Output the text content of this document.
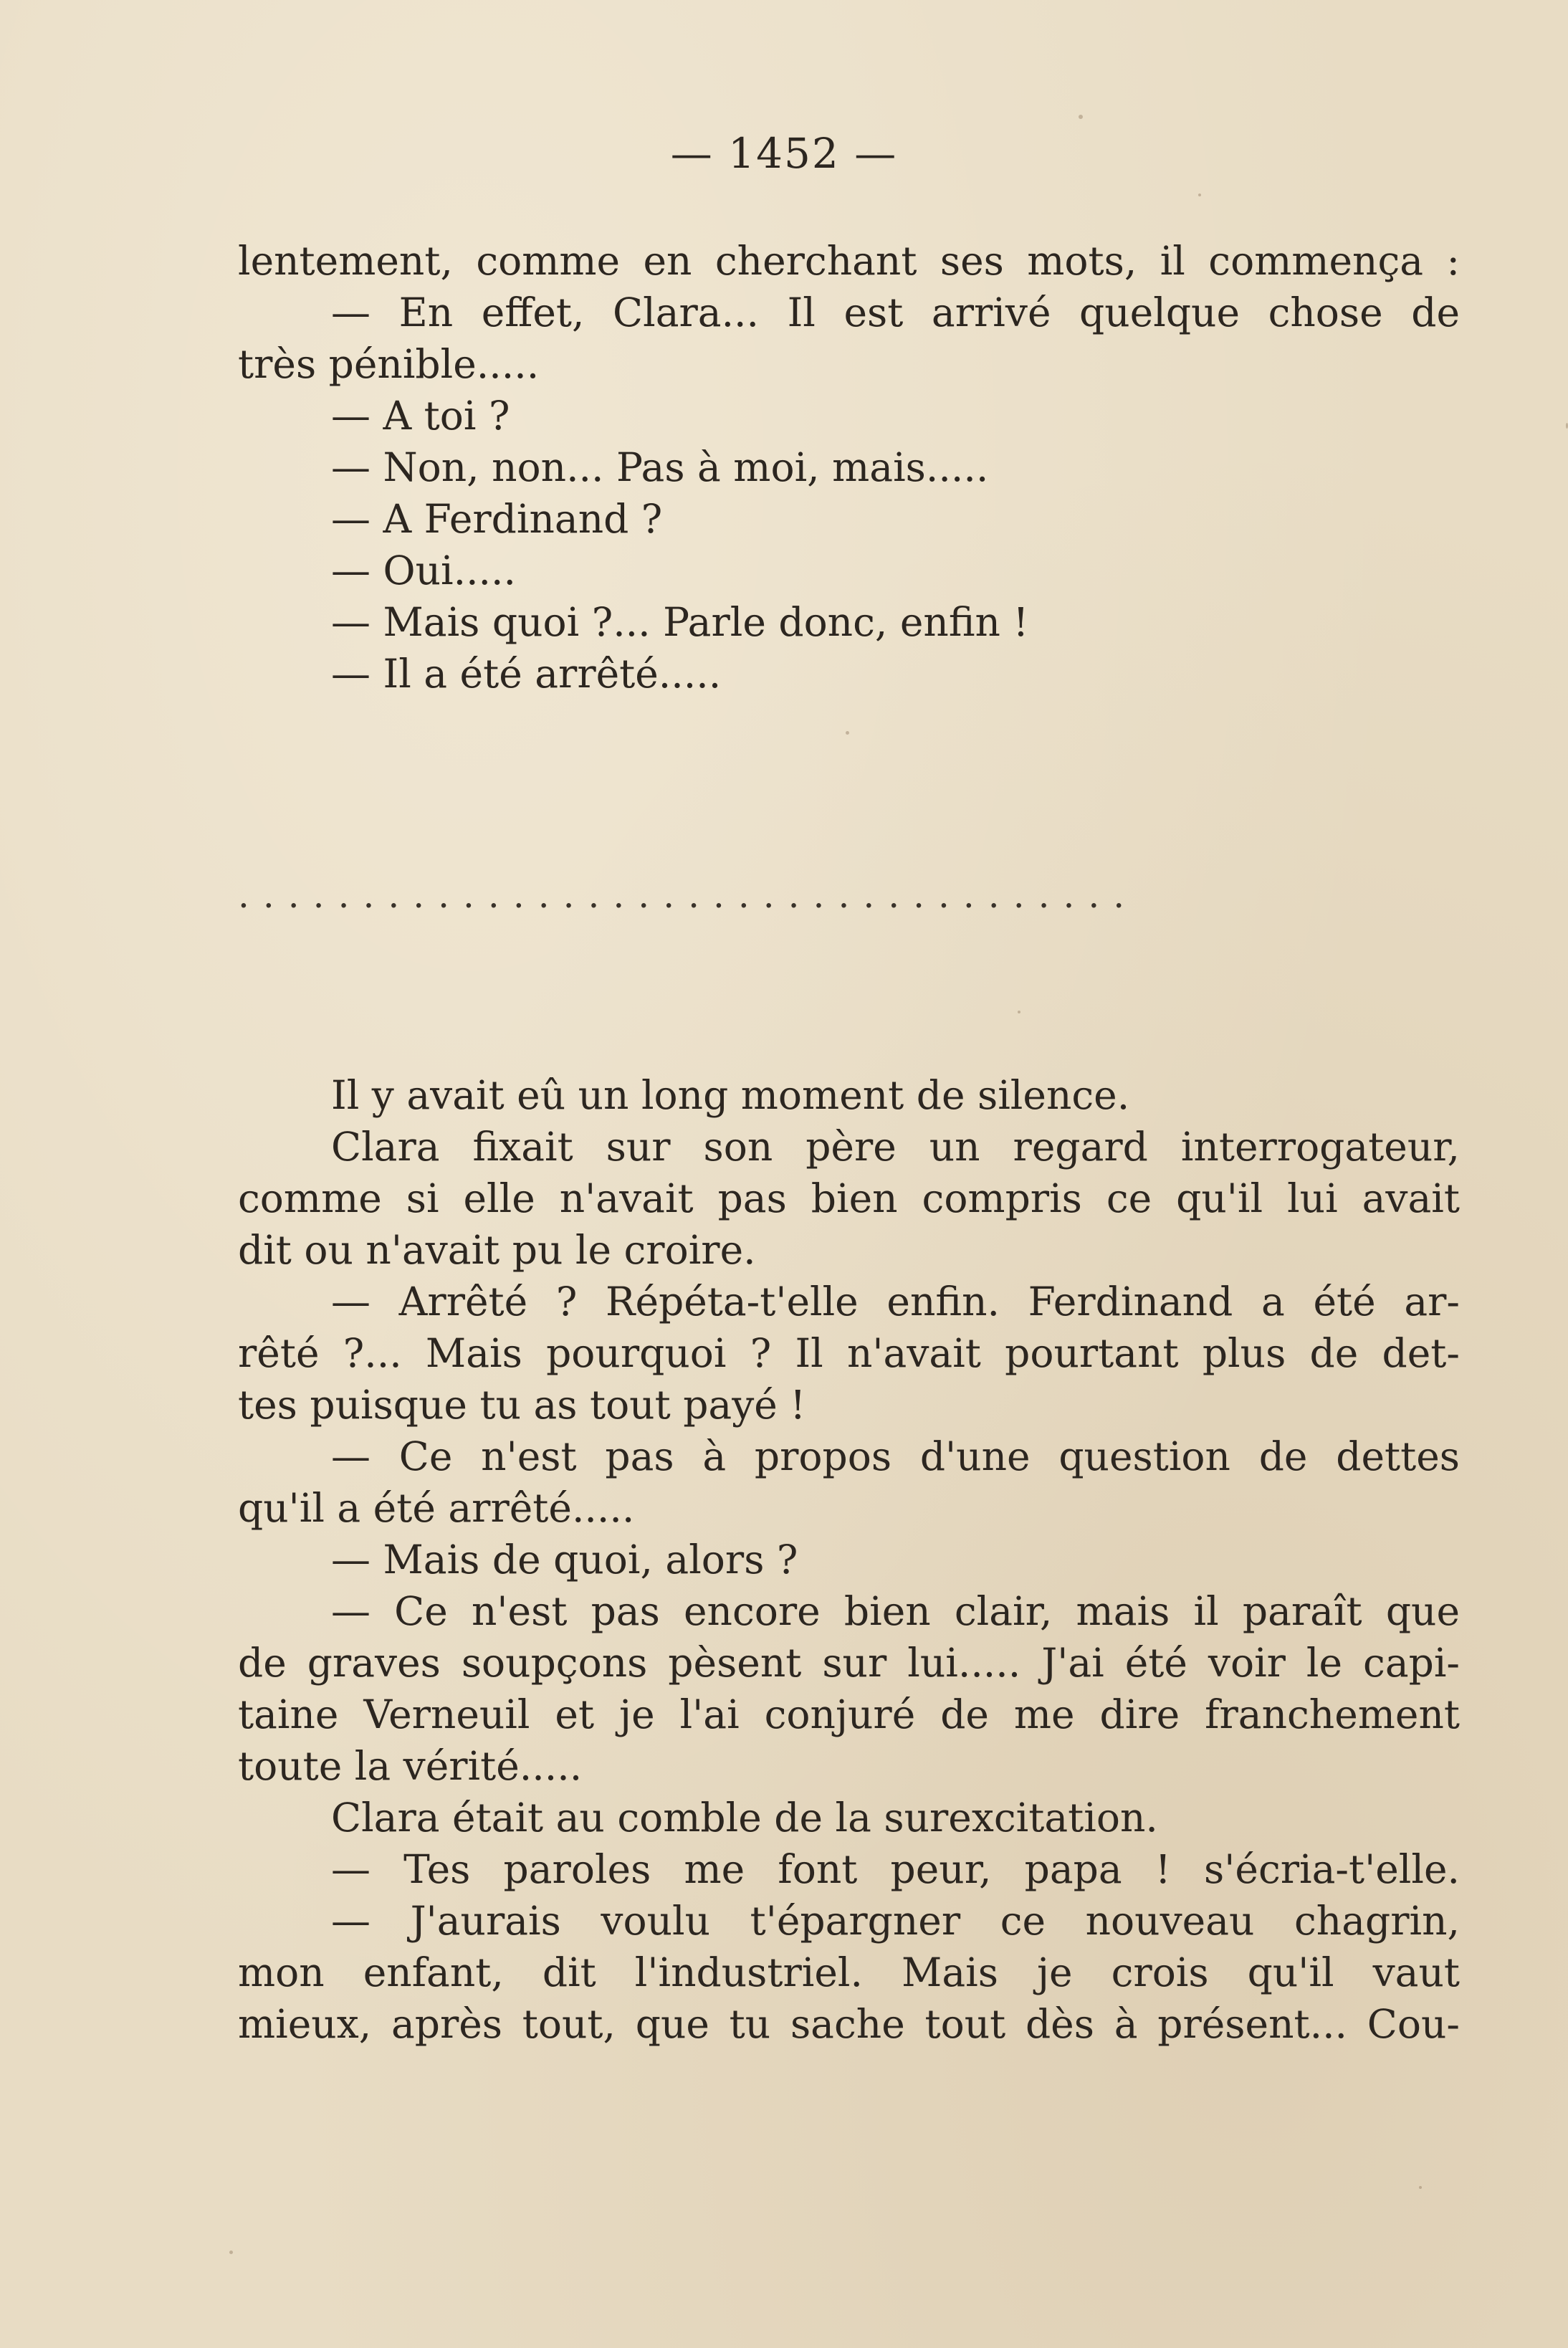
— 1452 —
lentement, comme en cherchant ses mots, il commença :
— En effet, Clara... Il est arrivé quelque chose de
très pénible.....
— A toi ?
— Non, non... Pas à moi, mais.....
— A Ferdinand ?
— Oui.....
— Mais quoi ?... Parle donc, enfin !
— Il a été arrêté.....
....................................
Il y avait eû un long moment de silence.
Clara fixait sur son père un regard interrogateur,
comme si elle n'avait pas bien compris ce qu'il lui avait
dit ou n'avait pu le croire.
— Arrêté ? Répéta-t'elle enfin. Ferdinand a été ar-
rêté ?... Mais pourquoi ? Il n'avait pourtant plus de det-
tes puisque tu as tout payé !
— Ce n'est pas à propos d'une question de dettes
qu'il a été arrêté.....
— Mais de quoi, alors ?
— Ce n'est pas encore bien clair, mais il paraît que
de graves soupçons pèsent sur lui..... J'ai été voir le capi-
taine Verneuil et je l'ai conjuré de me dire franchement
toute la vérité.....
Clara était au comble de la surexcitation.
— Tes paroles me font peur, papa ! s'écria-t'elle.
— J'aurais voulu t'épargner ce nouveau chagrin,
mon enfant, dit l'industriel. Mais je crois qu'il vaut
mieux, après tout, que tu sache tout dès à présent... Cou-
